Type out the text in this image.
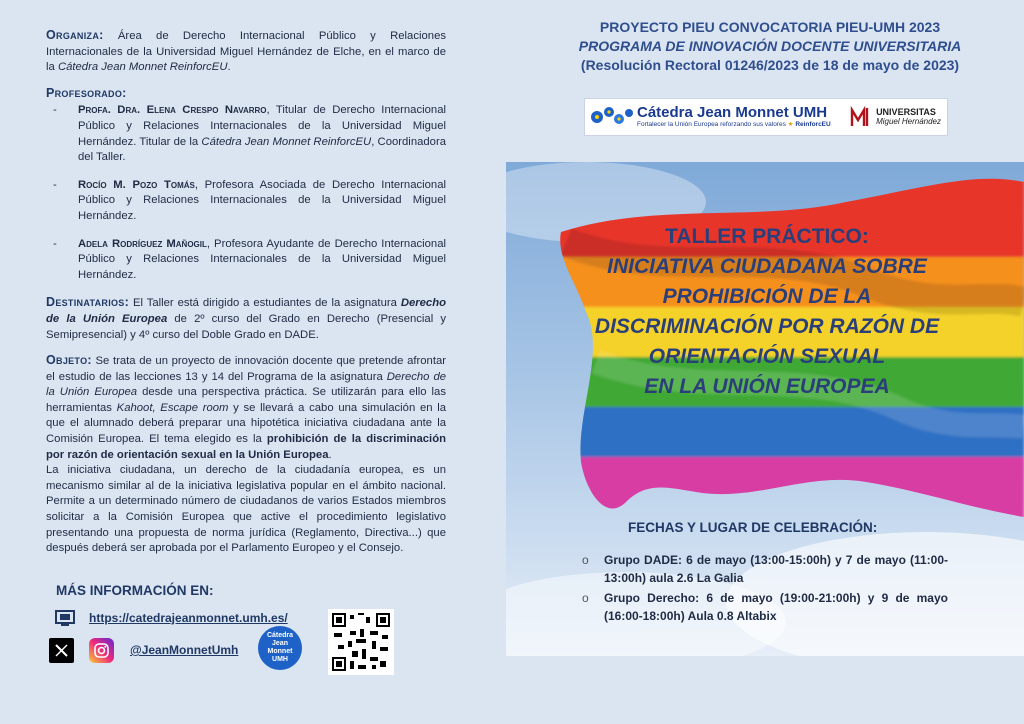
Organiza: Área de Derecho Internacional Público y Relaciones Internacionales de la Universidad Miguel Hernández de Elche, en el marco de la Cátedra Jean Monnet ReinforcEU.

Profesorado:
- Profa. Dra. Elena Crespo Navarro, Titular de Derecho Internacional Público y Relaciones Internacionales de la Universidad Miguel Hernández. Titular de la Cátedra Jean Monnet ReinforcEU, Coordinadora del Taller.
- Rocío M. Pozo Tomás, Profesora Asociada de Derecho Internacional Público y Relaciones Internacionales de la Universidad Miguel Hernández.
- Adela Rodríguez Mañogil, Profesora Ayudante de Derecho Internacional Público y Relaciones Internacionales de la Universidad Miguel Hernández.

Destinatarios: El Taller está dirigido a estudiantes de la asignatura Derecho de la Unión Europea de 2º curso del Grado en Derecho (Presencial y Semipresencial) y 4º curso del Doble Grado en DADE.

Objeto: Se trata de un proyecto de innovación docente que pretende afrontar el estudio de las lecciones 13 y 14 del Programa de la asignatura Derecho de la Unión Europea desde una perspectiva práctica. Se utilizarán para ello las herramientas Kahoot, Escape room y se llevará a cabo una simulación en la que el alumnado deberá preparar una hipotética iniciativa ciudadana ante la Comisión Europea. El tema elegido es la prohibición de la discriminación por razón de orientación sexual en la Unión Europea.

La iniciativa ciudadana, un derecho de la ciudadanía europea, es un mecanismo similar al de la iniciativa legislativa popular en el ámbito nacional. Permite a un determinado número de ciudadanos de varios Estados miembros solicitar a la Comisión Europea que active el procedimiento legislativo presentando una propuesta de norma jurídica (Reglamento, Directiva...) que después deberá ser aprobada por el Parlamento Europeo y el Consejo.

MÁS INFORMACIÓN EN:
https://catedrajeanmonnet.umh.es/
@JeanMonnetUmh
Cátedra
Jean
Monnet
UMH
PROYECTO PIEU CONVOCATORIA PIEU-UMH 2023
PROGRAMA DE INNOVACIÓN DOCENTE UNIVERSITARIA
(Resolución Rectoral 01246/2023 de 18 de mayo de 2023)
Cátedra Jean Monnet UMH
Fortalecer la Unión Europea reforzando sus valores ★ ReinforcEU
UNIVERSITAS
Miguel Hernández
TALLER PRÁCTICO:
INICIATIVA CIUDADANA SOBRE
PROHIBICIÓN DE LA
DISCRIMINACIÓN POR RAZÓN DE
ORIENTACIÓN SEXUAL
EN LA UNIÓN EUROPEA
FECHAS Y LUGAR DE CELEBRACIÓN:
o Grupo DADE: 6 de mayo (13:00-15:00h) y 7 de mayo (11:00-13:00h) aula 2.6 La Galia
o Grupo Derecho: 6 de mayo (19:00-21:00h) y 9 de mayo (16:00-18:00h) Aula 0.8 Altabix
